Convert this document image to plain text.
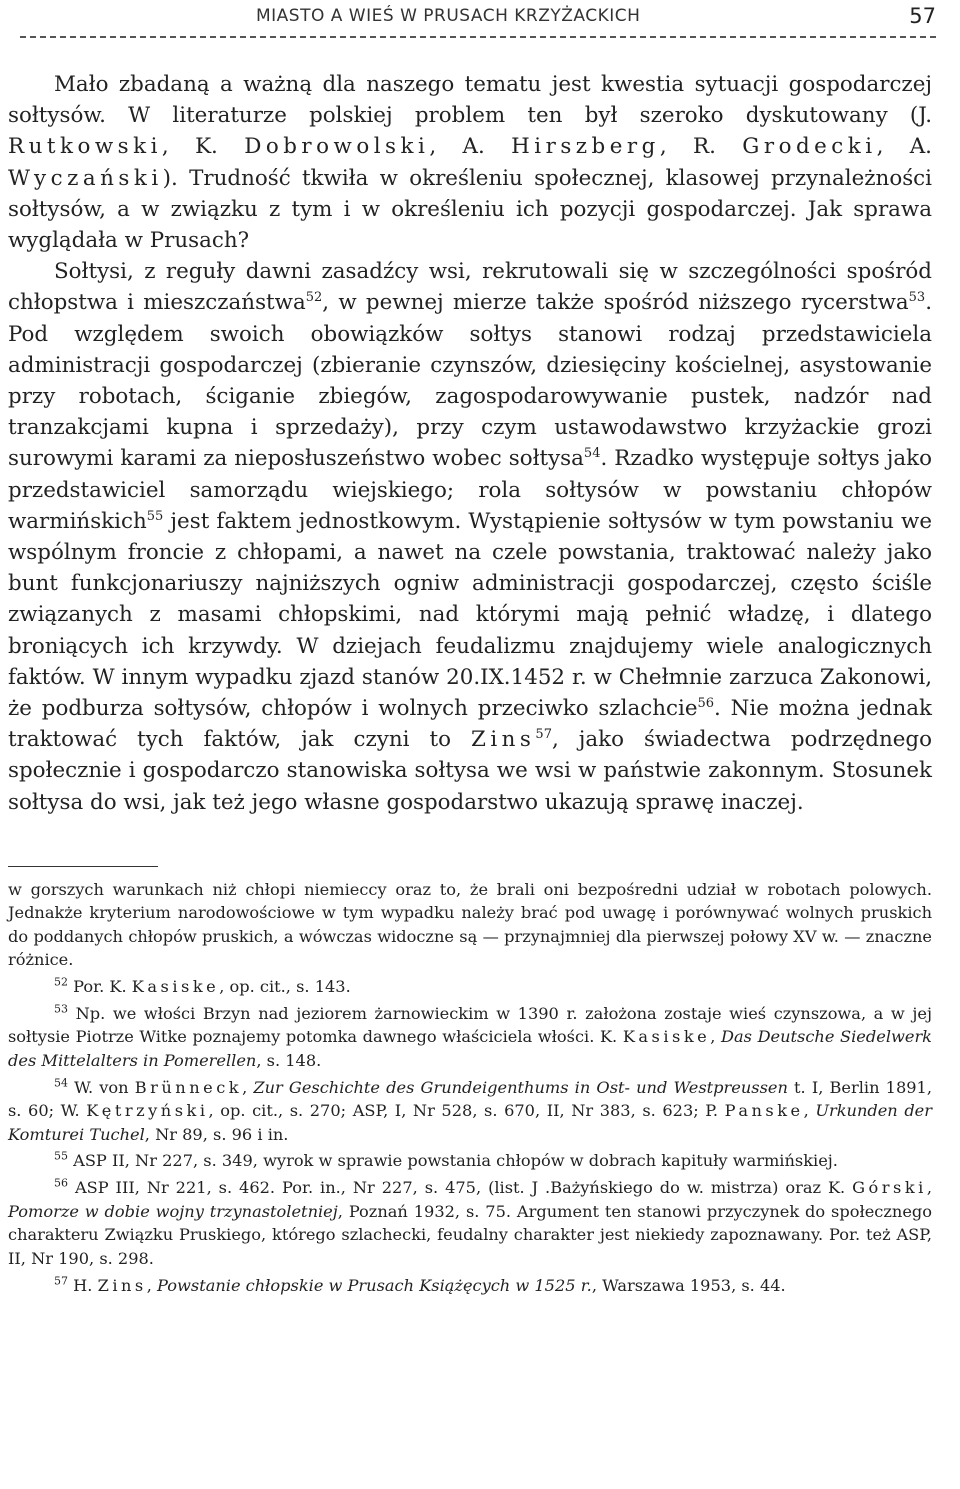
MIASTO A WIEŚ W PRUSACH KRZYŻACKICH	57

Mało zbadaną a ważną dla naszego tematu jest kwestia sytuacji gospodarczej sołtysów. W literaturze polskiej problem ten był szeroko dyskutowany (J. Rutkowski, K. Dobrowolski, A. Hirszberg, R. Grodecki, A. Wyczański). Trudność tkwiła w określeniu społecznej, klasowej przynależności sołtysów, a w związku z tym i w określeniu ich pozycji gospodarczej. Jak sprawa wyglądała w Prusach?

Sołtysi, z reguły dawni zasadźcy wsi, rekrutowali się w szczególności spośród chłopstwa i mieszczaństwa$^{52}$, w pewnej mierze także spośród niższego rycerstwa$^{53}$. Pod względem swoich obowiązków sołtys stanowi rodzaj przedstawiciela administracji gospodarczej (zbieranie czynszów, dziesięciny kościelnej, asystowanie przy robotach, ściganie zbiegów, zagospodarowywanie pustek, nadzór nad tranzakcjami kupna i sprzedaży), przy czym ustawodawstwo krzyżackie grozi surowymi karami za nieposłuszeństwo wobec sołtysa$^{54}$. Rzadko występuje sołtys jako przedstawiciel samorządu wiejskiego; rola sołtysów w powstaniu chłopów warmińskich$^{55}$ jest faktem jednostkowym. Wystąpienie sołtysów w tym powstaniu we wspólnym froncie z chłopami, a nawet na czele powstania, traktować należy jako bunt funkcjonariuszy najniższych ogniw administracji gospodarczej, często ściśle związanych z masami chłopskimi, nad którymi mają pełnić władzę, i dlatego broniących ich krzywdy. W dziejach feudalizmu znajdujemy wiele analogicznych faktów. W innym wypadku zjazd stanów 20.IX.1452 r. w Chełmnie zarzuca Zakonowi, że podburza sołtysów, chłopów i wolnych przeciwko szlachcie$^{56}$. Nie można jednak traktować tych faktów, jak czyni to Zins$^{57}$, jako świadectwa podrzędnego społecznie i gospodarczo stanowiska sołtysa we wsi w państwie zakonnym. Stosunek sołtysa do wsi, jak też jego własne gospodarstwo ukazują sprawę inaczej.

w gorszych warunkach niż chłopi niemieccy oraz to, że brali oni bezpośredni udział w robotach polowych. Jednakże kryterium narodowościowe w tym wypadku należy brać pod uwagę i porównywać wolnych pruskich do poddanych chłopów pruskich, a wówczas widoczne są — przynajmniej dla pierwszej połowy XV w. — znaczne różnice.

$^{52}$ Por. K. Kasiske, op. cit., s. 143.

$^{53}$ Np. we włości Brzyn nad jeziorem żarnowieckim w 1390 r. założona zostaje wieś czynszowa, a w jej sołtysie Piotrze Witke poznajemy potomka dawnego właściciela włości. K. Kasiske, Das Deutsche Siedelwerk des Mittelalters in Pomerellen, s. 148.

$^{54}$ W. von Brünneck, Zur Geschichte des Grundeigenthums in Ost- und Westpreussen t. I, Berlin 1891, s. 60; W. Kętrzyński, op. cit., s. 270; ASP, I, Nr 528, s. 670, II, Nr 383, s. 623; P. Panske, Urkunden der Komturei Tuchel, Nr 89, s. 96 i in.

$^{55}$ ASP II, Nr 227, s. 349, wyrok w sprawie powstania chłopów w dobrach kapituły warmińskiej.

$^{56}$ ASP III, Nr 221, s. 462. Por. in., Nr 227, s. 475, (list. J .Bażyńskiego do w. mistrza) oraz K. Górski, Pomorze w dobie wojny trzynastoletniej, Poznań 1932, s. 75. Argument ten stanowi przyczynek do społecznego charakteru Związku Pruskiego, którego szlachecki, feudalny charakter jest niekiedy zapoznawany. Por. też ASP, II, Nr 190, s. 298.

$^{57}$ H. Zins, Powstanie chłopskie w Prusach Książęcych w 1525 r., Warszawa 1953, s. 44.
